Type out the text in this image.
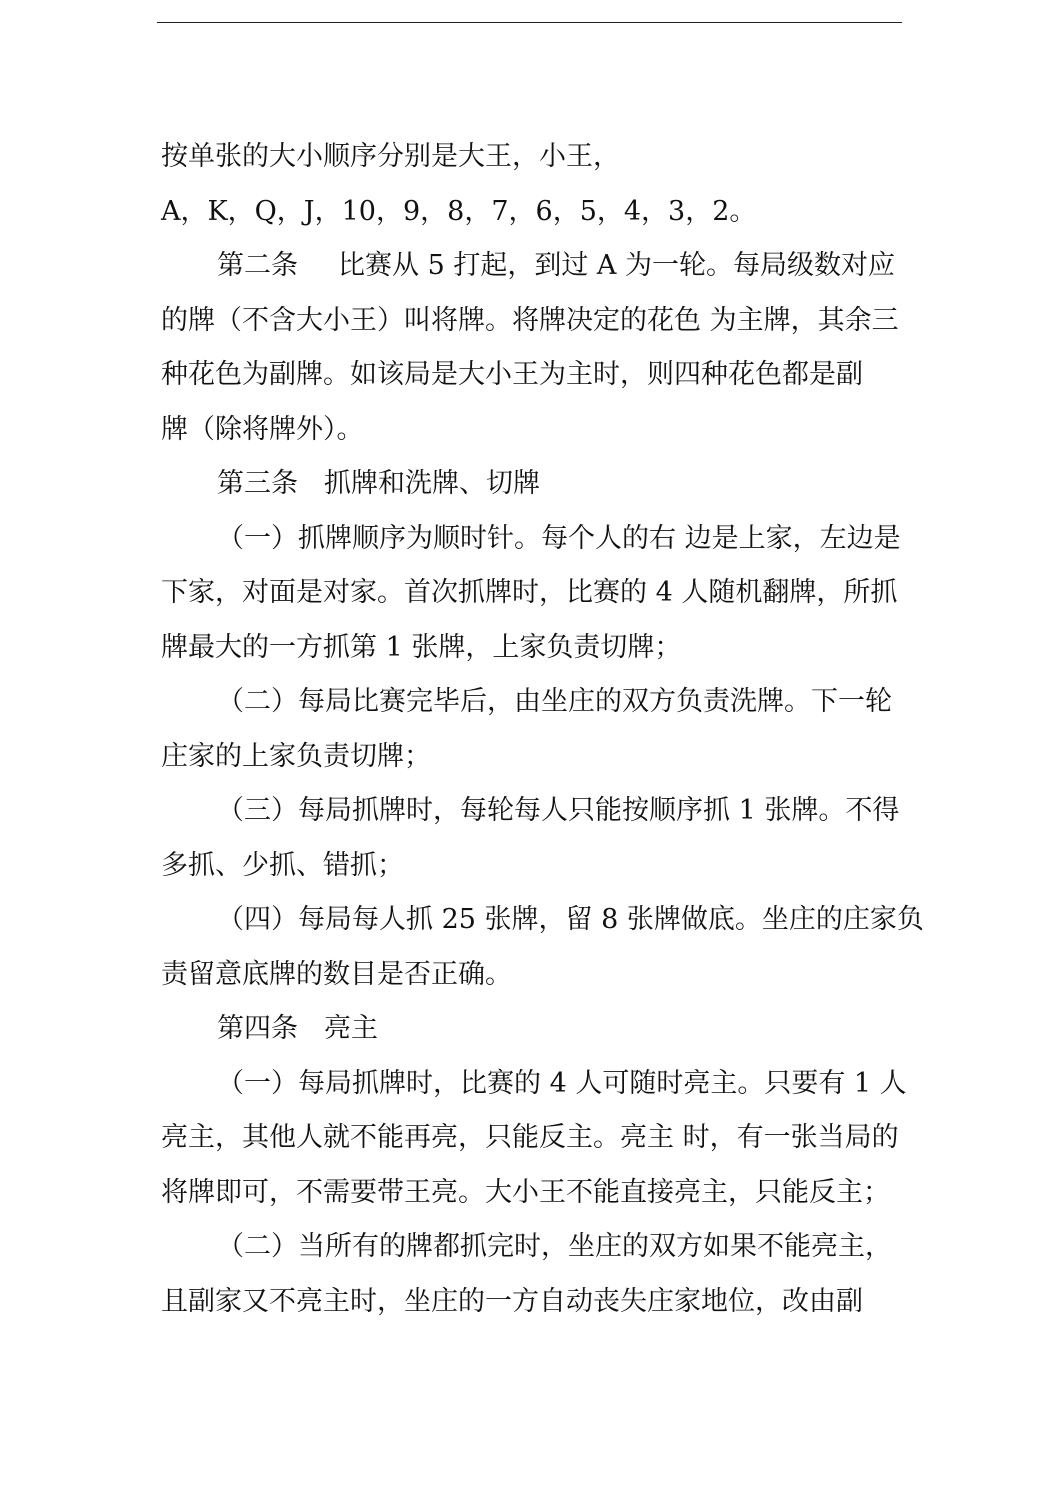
按单张的大小顺序分别是大王，小王，

A，K，Q，J，10，9，8，7，6，5，4，3，2。

第二条 比赛从 5 打起，到过 A 为一轮。每局级数对应

的牌（不含大小王）叫将牌。将牌决定的花色 为主牌，其余三

种花色为副牌。如该局是大小王为主时，则四种花色都是副

牌（除将牌外）。

第三条 抓牌和洗牌、切牌

（一）抓牌顺序为顺时针。每个人的右 边是上家，左边是

下家，对面是对家。首次抓牌时，比赛的 4 人随机翻牌，所抓

牌最大的一方抓第 1 张牌，上家负责切牌；

（二）每局比赛完毕后，由坐庄的双方负责洗牌。下一轮

庄家的上家负责切牌；

（三）每局抓牌时，每轮每人只能按顺序抓 1 张牌。不得

多抓、少抓、错抓；

（四）每局每人抓 25 张牌，留 8 张牌做底。坐庄的庄家负

责留意底牌的数目是否正确。

第四条 亮主

（一）每局抓牌时，比赛的 4 人可随时亮主。只要有 1 人

亮主，其他人就不能再亮，只能反主。亮主 时，有一张当局的

将牌即可，不需要带王亮。大小王不能直接亮主，只能反主；

（二）当所有的牌都抓完时，坐庄的双方如果不能亮主，

且副家又不亮主时，坐庄的一方自动丧失庄家地位，改由副
